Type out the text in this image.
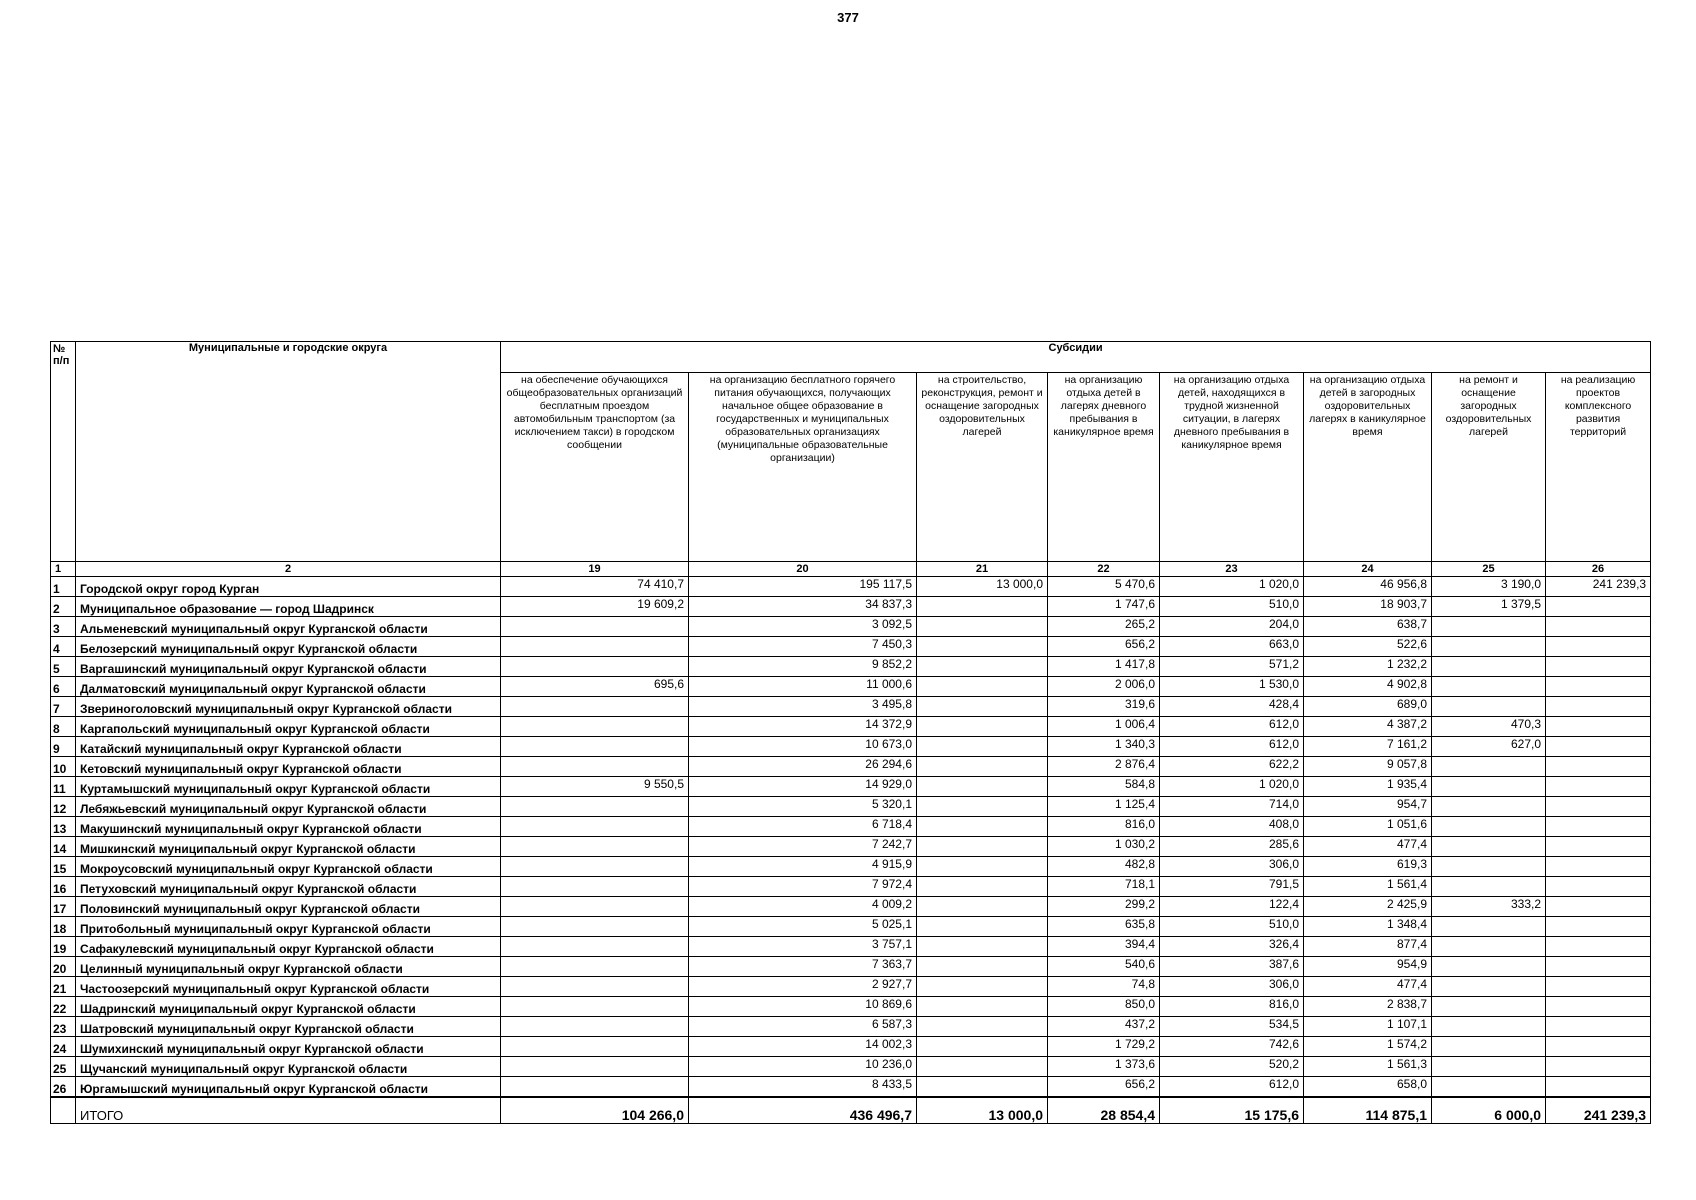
377
№ п/п	Муниципальные и городские округа	Субсидии							
		на обеспечение обучающихся общеобразовательных организаций бесплатным проездом автомобильным транспортом (за исключением такси) в городском сообщении	на организацию бесплатного горячего питания обучающихся, получающих начальное общее образование в государственных и муниципальных образовательных организациях (муниципальные образовательные организации)	на строительство, реконструкция, ремонт и оснащение загородных оздоровительных лагерей	на организацию отдыха детей в лагерях дневного пребывания в каникулярное время	на организацию отдыха детей, находящихся в трудной жизненной ситуации, в лагерях дневного пребывания в каникулярное время	на организацию отдыха детей в загородных оздоровительных лагерях в каникулярное время	на ремонт и оснащение загородных оздоровительных лагерей	на реализацию проектов комплексного развития территорий
1	2	19	20	21	22	23	24	25	26
1	Городской округ город Курган	74 410,7	195 117,5	13 000,0	5 470,6	1 020,0	46 956,8	3 190,0	241 239,3
2	Муниципальное образование — город Шадринск	19 609,2	34 837,3		1 747,6	510,0	18 903,7	1 379,5	
3	Альменевский муниципальный округ Курганской области		3 092,5		265,2	204,0	638,7		
4	Белозерский муниципальный округ Курганской области		7 450,3		656,2	663,0	522,6		
5	Варгашинский муниципальный округ Курганской области		9 852,2		1 417,8	571,2	1 232,2		
6	Далматовский муниципальный округ Курганской области	695,6	11 000,6		2 006,0	1 530,0	4 902,8		
7	Звериноголовский муниципальный округ Курганской области		3 495,8		319,6	428,4	689,0		
8	Каргапольский муниципальный округ Курганской области		14 372,9		1 006,4	612,0	4 387,2	470,3	
9	Катайский муниципальный округ Курганской области		10 673,0		1 340,3	612,0	7 161,2	627,0	
10	Кетовский муниципальный округ Курганской области		26 294,6		2 876,4	622,2	9 057,8		
11	Куртамышский муниципальный округ Курганской области	9 550,5	14 929,0		584,8	1 020,0	1 935,4		
12	Лебяжьевский муниципальный округ Курганской области		5 320,1		1 125,4	714,0	954,7		
13	Макушинский муниципальный округ Курганской области		6 718,4		816,0	408,0	1 051,6		
14	Мишкинский муниципальный округ Курганской области		7 242,7		1 030,2	285,6	477,4		
15	Мокроусовский муниципальный округ Курганской области		4 915,9		482,8	306,0	619,3		
16	Петуховский муниципальный округ Курганской области		7 972,4		718,1	791,5	1 561,4		
17	Половинский муниципальный округ Курганской области		4 009,2		299,2	122,4	2 425,9	333,2	
18	Притобольный муниципальный округ Курганской области		5 025,1		635,8	510,0	1 348,4		
19	Сафакулевский муниципальный округ Курганской области		3 757,1		394,4	326,4	877,4		
20	Целинный муниципальный округ Курганской области		7 363,7		540,6	387,6	954,9		
21	Частоозерский муниципальный округ Курганской области		2 927,7		74,8	306,0	477,4		
22	Шадринский муниципальный округ Курганской области		10 869,6		850,0	816,0	2 838,7		
23	Шатровский муниципальный округ Курганской области		6 587,3		437,2	534,5	1 107,1		
24	Шумихинский муниципальный округ Курганской области		14 002,3		1 729,2	742,6	1 574,2		
25	Щучанский муниципальный округ Курганской области		10 236,0		1 373,6	520,2	1 561,3		
26	Юргамышский муниципальный округ Курганской области		8 433,5		656,2	612,0	658,0		
	ИТОГО	104 266,0	436 496,7	13 000,0	28 854,4	15 175,6	114 875,1	6 000,0	241 239,3
